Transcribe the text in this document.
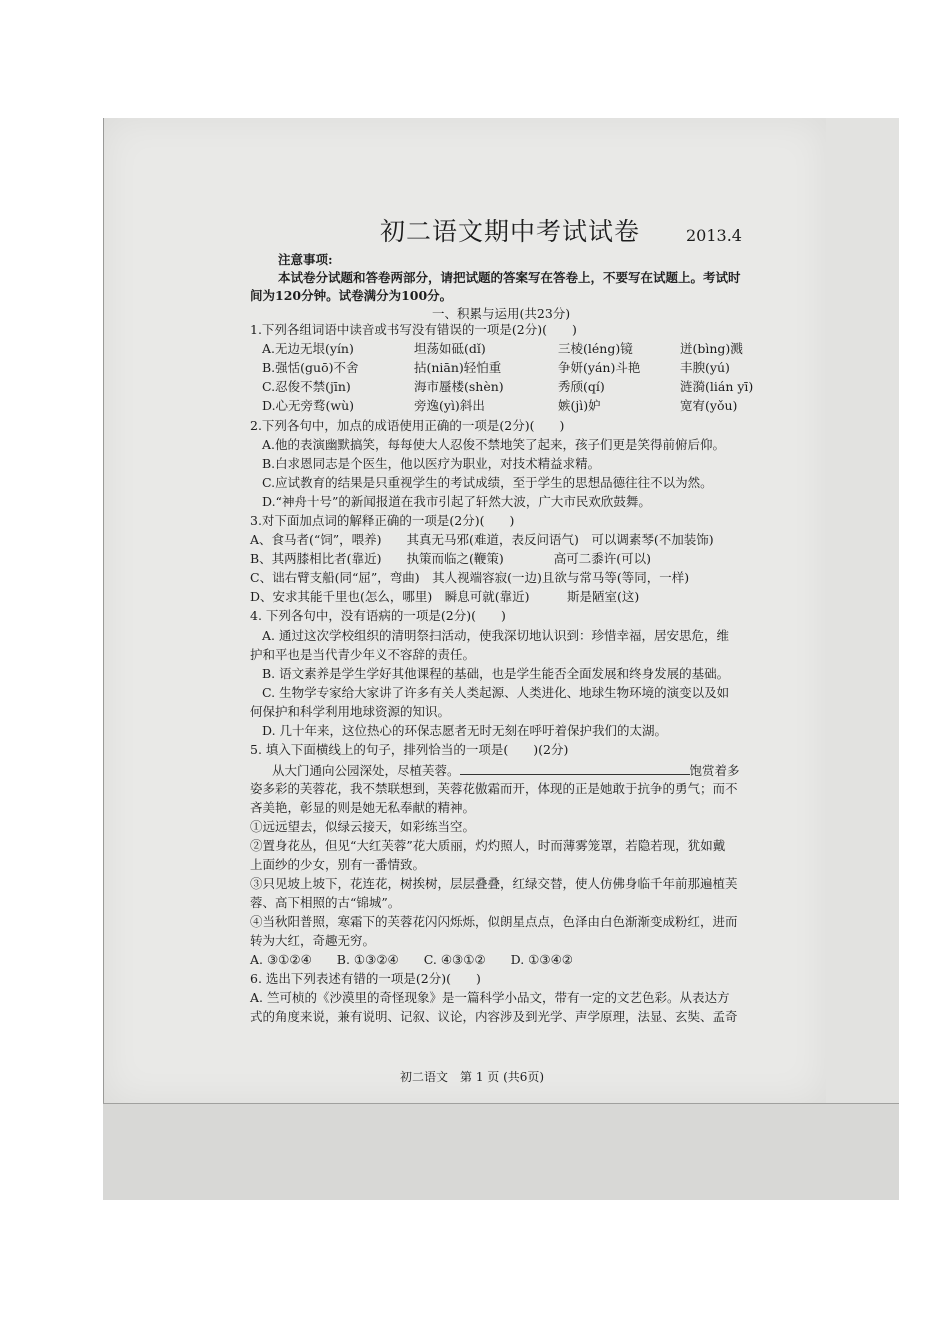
初二语文期中考试试卷	2013.4
注意事项:
本试卷分试题和答卷两部分，请把试题的答案写在答卷上，不要写在试题上。考试时
间为120分钟。试卷满分为100分。
一、积累与运用(共23分)
1.下列各组词语中读音或书写没有错误的一项是(2分)(　　)
A.无边无垠(yín)	坦荡如砥(dǐ)	三棱(léng)镜	迸(bìng)溅
B.强恬(guō)不舍	拈(niān)轻怕重	争妍(yán)斗艳	丰腴(yú)
C.忍俊不禁(jīn)	海市蜃楼(shèn)	秀颀(qí)	涟漪(lián yī)
D.心无旁骛(wù)	旁逸(yì)斜出	嫉(jì)妒	宽宥(yǒu)
2.下列各句中，加点的成语使用正确的一项是(2分)(　　)
A.他的表演幽默搞笑，每每使大人忍俊不禁地笑了起来，孩子们更是笑得前俯后仰。
B.白求恩同志是个医生，他以医疗为职业，对技术精益求精。
C.应试教育的结果是只重视学生的考试成绩，至于学生的思想品德往往不以为然。
D.“神舟十号”的新闻报道在我市引起了轩然大波，广大市民欢欣鼓舞。
3.对下面加点词的解释正确的一项是(2分)(　　)
A、食马者(“饲”，喂养)　　其真无马邪(难道，表反问语气)　可以调素琴(不加装饰)
B、其两膝相比者(靠近)　　执策而临之(鞭策)　　　　高可二黍许(可以)
C、诎右臂支船(同“屈”，弯曲)　其人视端容寂(一边)且欲与常马等(等同，一样)
D、安求其能千里也(怎么，哪里)　瞬息可就(靠近)　　　斯是陋室(这)
4. 下列各句中，没有语病的一项是(2分)(　　)
A. 通过这次学校组织的清明祭扫活动，使我深切地认识到：珍惜幸福，居安思危，维
护和平也是当代青少年义不容辞的责任。
B. 语文素养是学生学好其他课程的基础，也是学生能否全面发展和终身发展的基础。
C. 生物学专家给大家讲了许多有关人类起源、人类进化、地球生物环境的演变以及如
何保护和科学利用地球资源的知识。
D. 几十年来，这位热心的环保志愿者无时无刻在呼吁着保护我们的太湖。
5. 填入下面横线上的句子，排列恰当的一项是(　　)(2分)
从大门通向公园深处，尽植芙蓉。	饱赏着多
姿多彩的芙蓉花，我不禁联想到，芙蓉花傲霜而开，体现的正是她敢于抗争的勇气；而不
吝美艳，彰显的则是她无私奉献的精神。
①远远望去，似绿云接天，如彩练当空。
②置身花丛，但见“大红芙蓉”花大质丽，灼灼照人，时而薄雾笼罩，若隐若现，犹如戴
上面纱的少女，别有一番情致。
③只见坡上坡下，花连花，树挨树，层层叠叠，红绿交替，使人仿佛身临千年前那遍植芙
蓉、高下相照的古“锦城”。
④当秋阳普照，寒霜下的芙蓉花闪闪烁烁，似朗星点点，色泽由白色渐渐变成粉红，进而
转为大红，奇趣无穷。
A. ③①②④　　B. ①③②④　　C. ④③①②　　D. ①③④②
6. 选出下列表述有错的一项是(2分)(　　)
A. 竺可桢的《沙漠里的奇怪现象》是一篇科学小品文，带有一定的文艺色彩。从表达方
式的角度来说，兼有说明、记叙、议论，内容涉及到光学、声学原理，法显、玄奘、孟奇
初二语文　第 1 页 (共6页)
